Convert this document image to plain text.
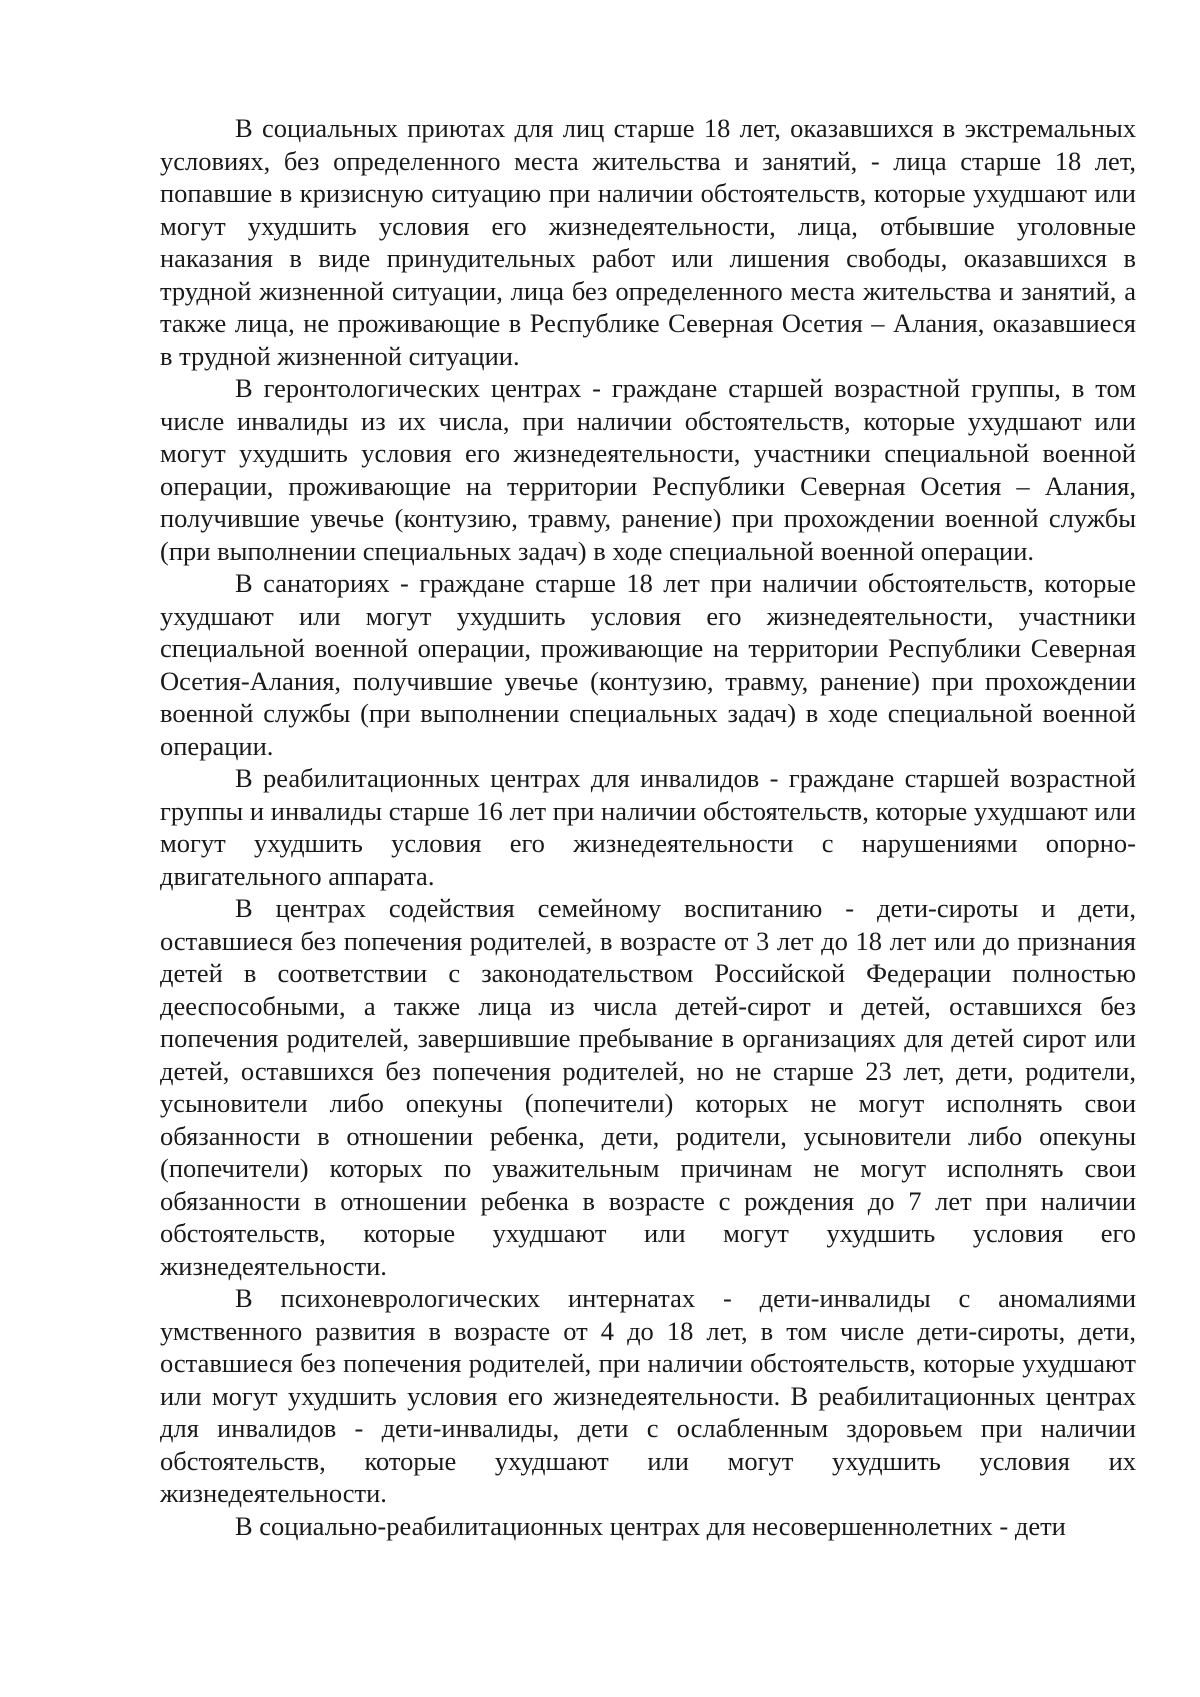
В социальных приютах для лиц старше 18 лет, оказавшихся в экстремальных условиях, без определенного места жительства и занятий, - лица старше 18 лет, попавшие в кризисную ситуацию при наличии обстоятельств, которые ухудшают или могут ухудшить условия его жизнедеятельности, лица, отбывшие уголовные наказания в виде принудительных работ или лишения свободы, оказавшихся в трудной жизненной ситуации, лица без определенного места жительства и занятий, а также лица, не проживающие в Республике Северная Осетия – Алания, оказавшиеся в трудной жизненной ситуации.

В геронтологических центрах - граждане старшей возрастной группы, в том числе инвалиды из их числа, при наличии обстоятельств, которые ухудшают или могут ухудшить условия его жизнедеятельности, участники специальной военной операции, проживающие на территории Республики Северная Осетия – Алания, получившие увечье (контузию, травму, ранение) при прохождении военной службы (при выполнении специальных задач) в ходе специальной военной операции.

В санаториях - граждане старше 18 лет при наличии обстоятельств, которые ухудшают или могут ухудшить условия его жизнедеятельности, участники специальной военной операции, проживающие на территории Республики Северная Осетия-Алания, получившие увечье (контузию, травму, ранение) при прохождении военной службы (при выполнении специальных задач) в ходе специальной военной операции.

В реабилитационных центрах для инвалидов - граждане старшей возрастной группы и инвалиды старше 16 лет при наличии обстоятельств, которые ухудшают или могут ухудшить условия его жизнедеятельности с нарушениями опорно-двигательного аппарата.

В центрах содействия семейному воспитанию - дети-сироты и дети, оставшиеся без попечения родителей, в возрасте от 3 лет до 18 лет или до признания детей в соответствии с законодательством Российской Федерации полностью дееспособными, а также лица из числа детей-сирот и детей, оставшихся без попечения родителей, завершившие пребывание в организациях для детей сирот или детей, оставшихся без попечения родителей, но не старше 23 лет, дети, родители, усыновители либо опекуны (попечители) которых не могут исполнять свои обязанности в отношении ребенка, дети, родители, усыновители либо опекуны (попечители) которых по уважительным причинам не могут исполнять свои обязанности в отношении ребенка в возрасте с рождения до 7 лет при наличии обстоятельств, которые ухудшают или могут ухудшить условия его жизнедеятельности.

В психоневрологических интернатах - дети-инвалиды с аномалиями умственного развития в возрасте от 4 до 18 лет, в том числе дети-сироты, дети, оставшиеся без попечения родителей, при наличии обстоятельств, которые ухудшают или могут ухудшить условия его жизнедеятельности. В реабилитационных центрах для инвалидов - дети-инвалиды, дети с ослабленным здоровьем при наличии обстоятельств, которые ухудшают или могут ухудшить условия их жизнедеятельности.

В социально-реабилитационных центрах для несовершеннолетних - дети
